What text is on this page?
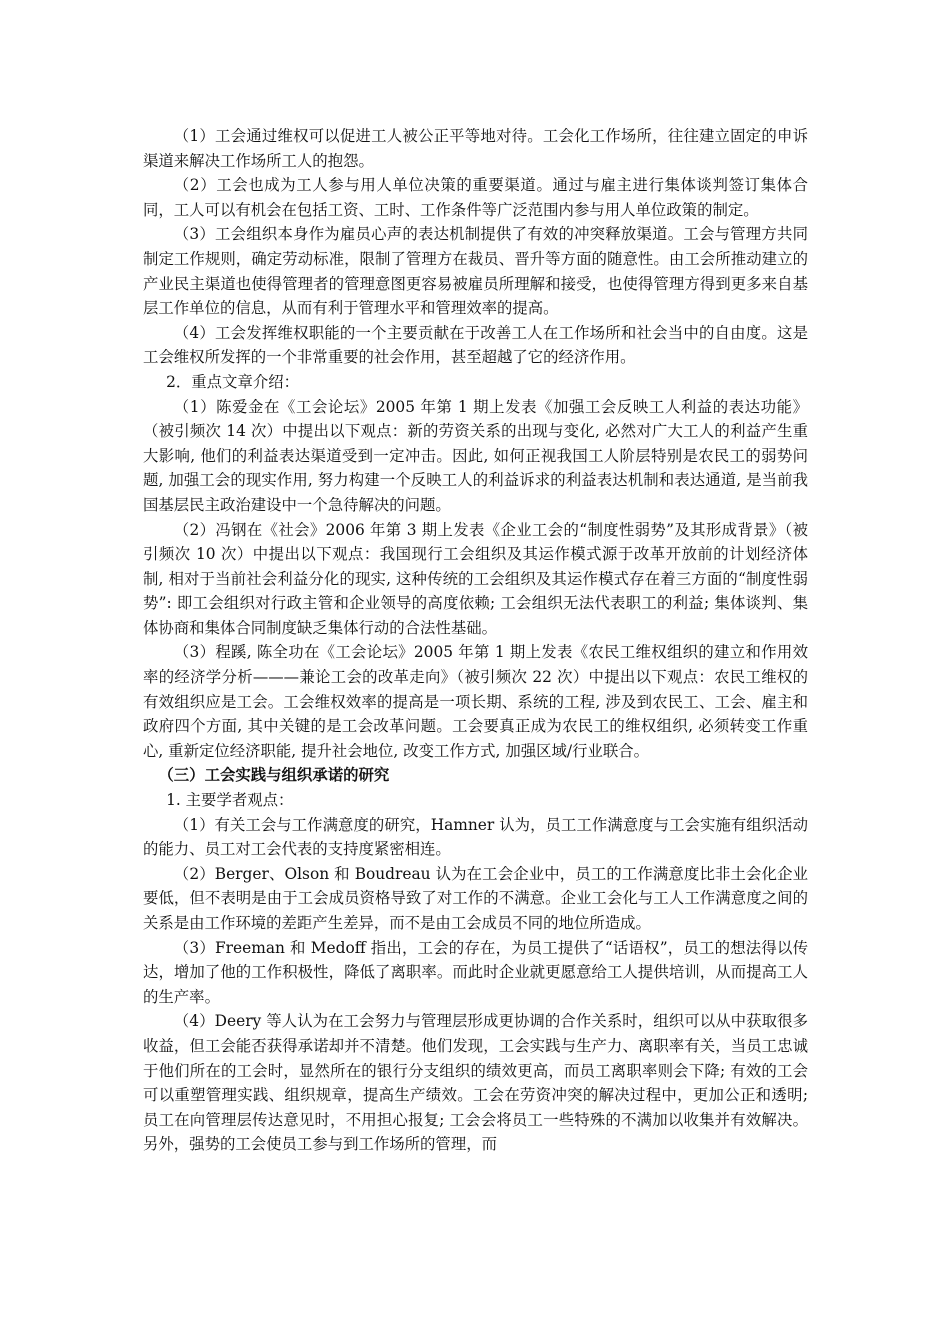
（1）工会通过维权可以促进工人被公正平等地对待。工会化工作场所，往往建立固定的申诉渠道来解决工作场所工人的抱怨。

（2）工会也成为工人参与用人单位决策的重要渠道。通过与雇主进行集体谈判签订集体合同，工人可以有机会在包括工资、工时、工作条件等广泛范围内参与用人单位政策的制定。

（3）工会组织本身作为雇员心声的表达机制提供了有效的冲突释放渠道。工会与管理方共同制定工作规则，确定劳动标准，限制了管理方在裁员、晋升等方面的随意性。由工会所推动建立的产业民主渠道也使得管理者的管理意图更容易被雇员所理解和接受，也使得管理方得到更多来自基层工作单位的信息，从而有利于管理水平和管理效率的提高。

（4）工会发挥维权职能的一个主要贡献在于改善工人在工作场所和社会当中的自由度。这是工会维权所发挥的一个非常重要的社会作用，甚至超越了它的经济作用。

2．重点文章介绍：

（1）陈爱金在《工会论坛》2005 年第 1 期上发表《加强工会反映工人利益的表达功能》（被引频次 14 次）中提出以下观点：新的劳资关系的出现与变化, 必然对广大工人的利益产生重大影响, 他们的利益表达渠道受到一定冲击。因此, 如何正视我国工人阶层特别是农民工的弱势问题, 加强工会的现实作用, 努力构建一个反映工人的利益诉求的利益表达机制和表达通道, 是当前我国基层民主政治建设中一个急待解决的问题。

（2）冯钢在《社会》2006 年第 3 期上发表《企业工会的“制度性弱势”及其形成背景》（被引频次 10 次）中提出以下观点：我国现行工会组织及其运作模式源于改革开放前的计划经济体制, 相对于当前社会利益分化的现实, 这种传统的工会组织及其运作模式存在着三方面的“制度性弱势”: 即工会组织对行政主管和企业领导的高度依赖; 工会组织无法代表职工的利益; 集体谈判、集体协商和集体合同制度缺乏集体行动的合法性基础。

（3）程蹊, 陈全功在《工会论坛》2005 年第 1 期上发表《农民工维权组织的建立和作用效率的经济学分析———兼论工会的改革走向》（被引频次 22 次）中提出以下观点：农民工维权的有效组织应是工会。工会维权效率的提高是一项长期、系统的工程, 涉及到农民工、工会、雇主和政府四个方面, 其中关键的是工会改革问题。工会要真正成为农民工的维权组织, 必须转变工作重心, 重新定位经济职能, 提升社会地位, 改变工作方式, 加强区域/行业联合。

（三）工会实践与组织承诺的研究

1. 主要学者观点：

（1）有关工会与工作满意度的研究，Hamner 认为，员工工作满意度与工会实施有组织活动的能力、员工对工会代表的支持度紧密相连。

（2）Berger、Olson 和 Boudreau 认为在工会企业中，员工的工作满意度比非土会化企业要低，但不表明是由于工会成员资格导致了对工作的不满意。企业工会化与工人工作满意度之间的关系是由工作环境的差距产生差异，而不是由工会成员不同的地位所造成。

（3）Freeman 和 Medoff 指出，工会的存在，为员工提供了“话语权”，员工的想法得以传达，增加了他的工作积极性，降低了离职率。而此时企业就更愿意给工人提供培训，从而提高工人的生产率。

（4）Deery 等人认为在工会努力与管理层形成更协调的合作关系时，组织可以从中获取很多收益，但工会能否获得承诺却并不清楚。他们发现，工会实践与生产力、离职率有关，当员工忠诚于他们所在的工会时，显然所在的银行分支组织的绩效更高，而员工离职率则会下降; 有效的工会可以重塑管理实践、组织规章，提高生产绩效。工会在劳资冲突的解决过程中，更加公正和透明; 员工在向管理层传达意见时，不用担心报复; 工会会将员工一些特殊的不满加以收集并有效解决。另外，强势的工会使员工参与到工作场所的管理，而
